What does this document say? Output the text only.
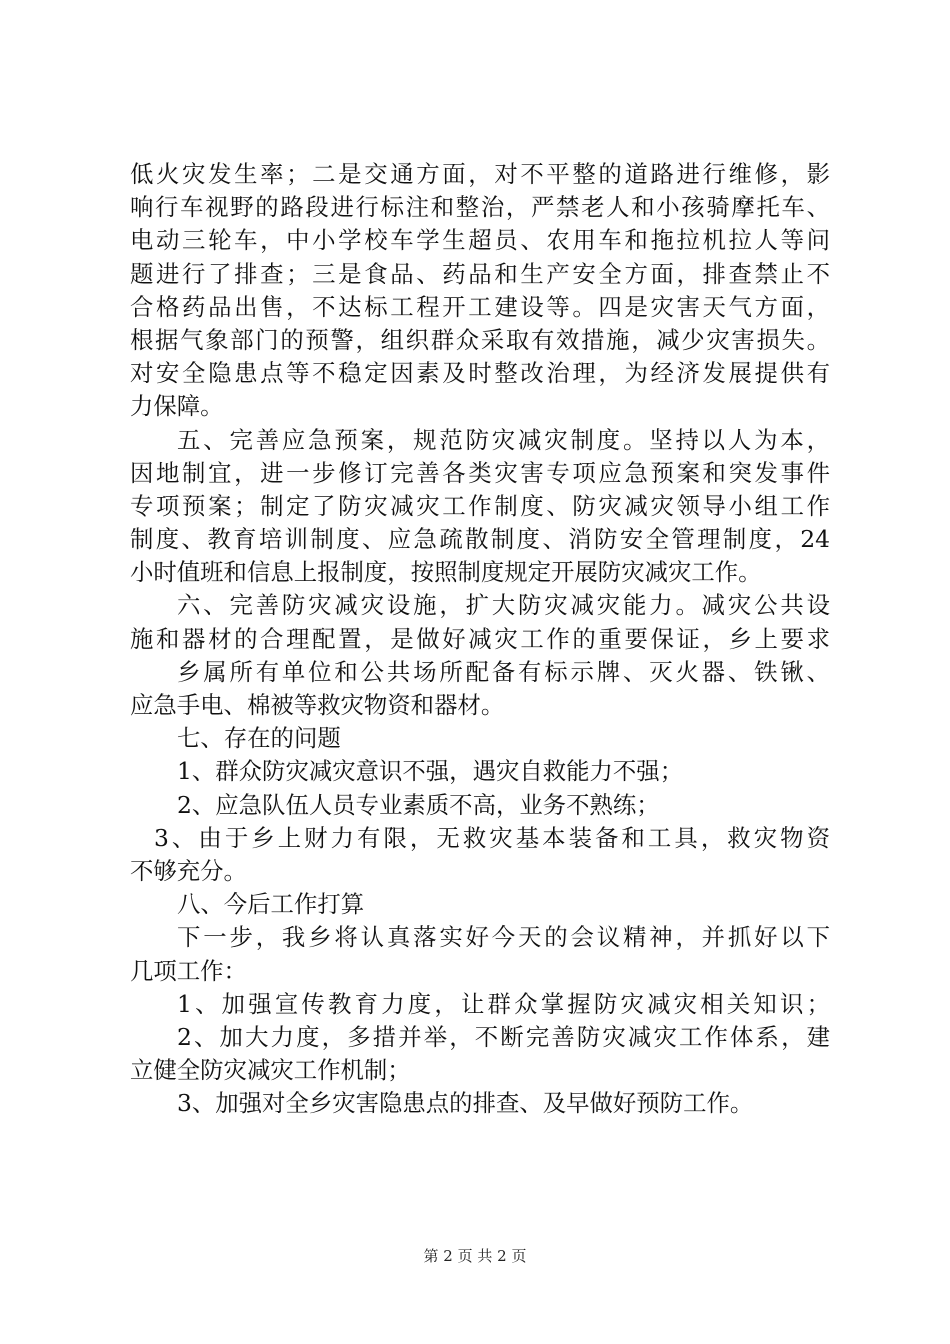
低火灾发生率；二是交通方面，对不平整的道路进行维修，影
响行车视野的路段进行标注和整治，严禁老人和小孩骑摩托车、
电动三轮车，中小学校车学生超员、农用车和拖拉机拉人等问
题进行了排查；三是食品、药品和生产安全方面，排查禁止不
合格药品出售，不达标工程开工建设等。四是灾害天气方面，
根据气象部门的预警，组织群众采取有效措施，减少灾害损失。
对安全隐患点等不稳定因素及时整改治理，为经济发展提供有
力保障。
五、完善应急预案，规范防灾减灾制度。坚持以人为本，
因地制宜，进一步修订完善各类灾害专项应急预案和突发事件
专项预案；制定了防灾减灾工作制度、防灾减灾领导小组工作
制度、教育培训制度、应急疏散制度、消防安全管理制度，24
小时值班和信息上报制度，按照制度规定开展防灾减灾工作。
六、完善防灾减灾设施，扩大防灾减灾能力。减灾公共设
施和器材的合理配置，是做好减灾工作的重要保证，乡上要求
乡属所有单位和公共场所配备有标示牌、灭火器、铁锹、
应急手电、棉被等救灾物资和器材。
七、存在的问题
1、群众防灾减灾意识不强，遇灾自救能力不强；
2、应急队伍人员专业素质不高，业务不熟练；
3、由于乡上财力有限，无救灾基本装备和工具，救灾物资
不够充分。
八、今后工作打算
下一步，我乡将认真落实好今天的会议精神，并抓好以下
几项工作：
1、加强宣传教育力度，让群众掌握防灾减灾相关知识；
2、加大力度，多措并举，不断完善防灾减灾工作体系，建
立健全防灾减灾工作机制；
3、加强对全乡灾害隐患点的排查、及早做好预防工作。
第 2 页 共 2 页
